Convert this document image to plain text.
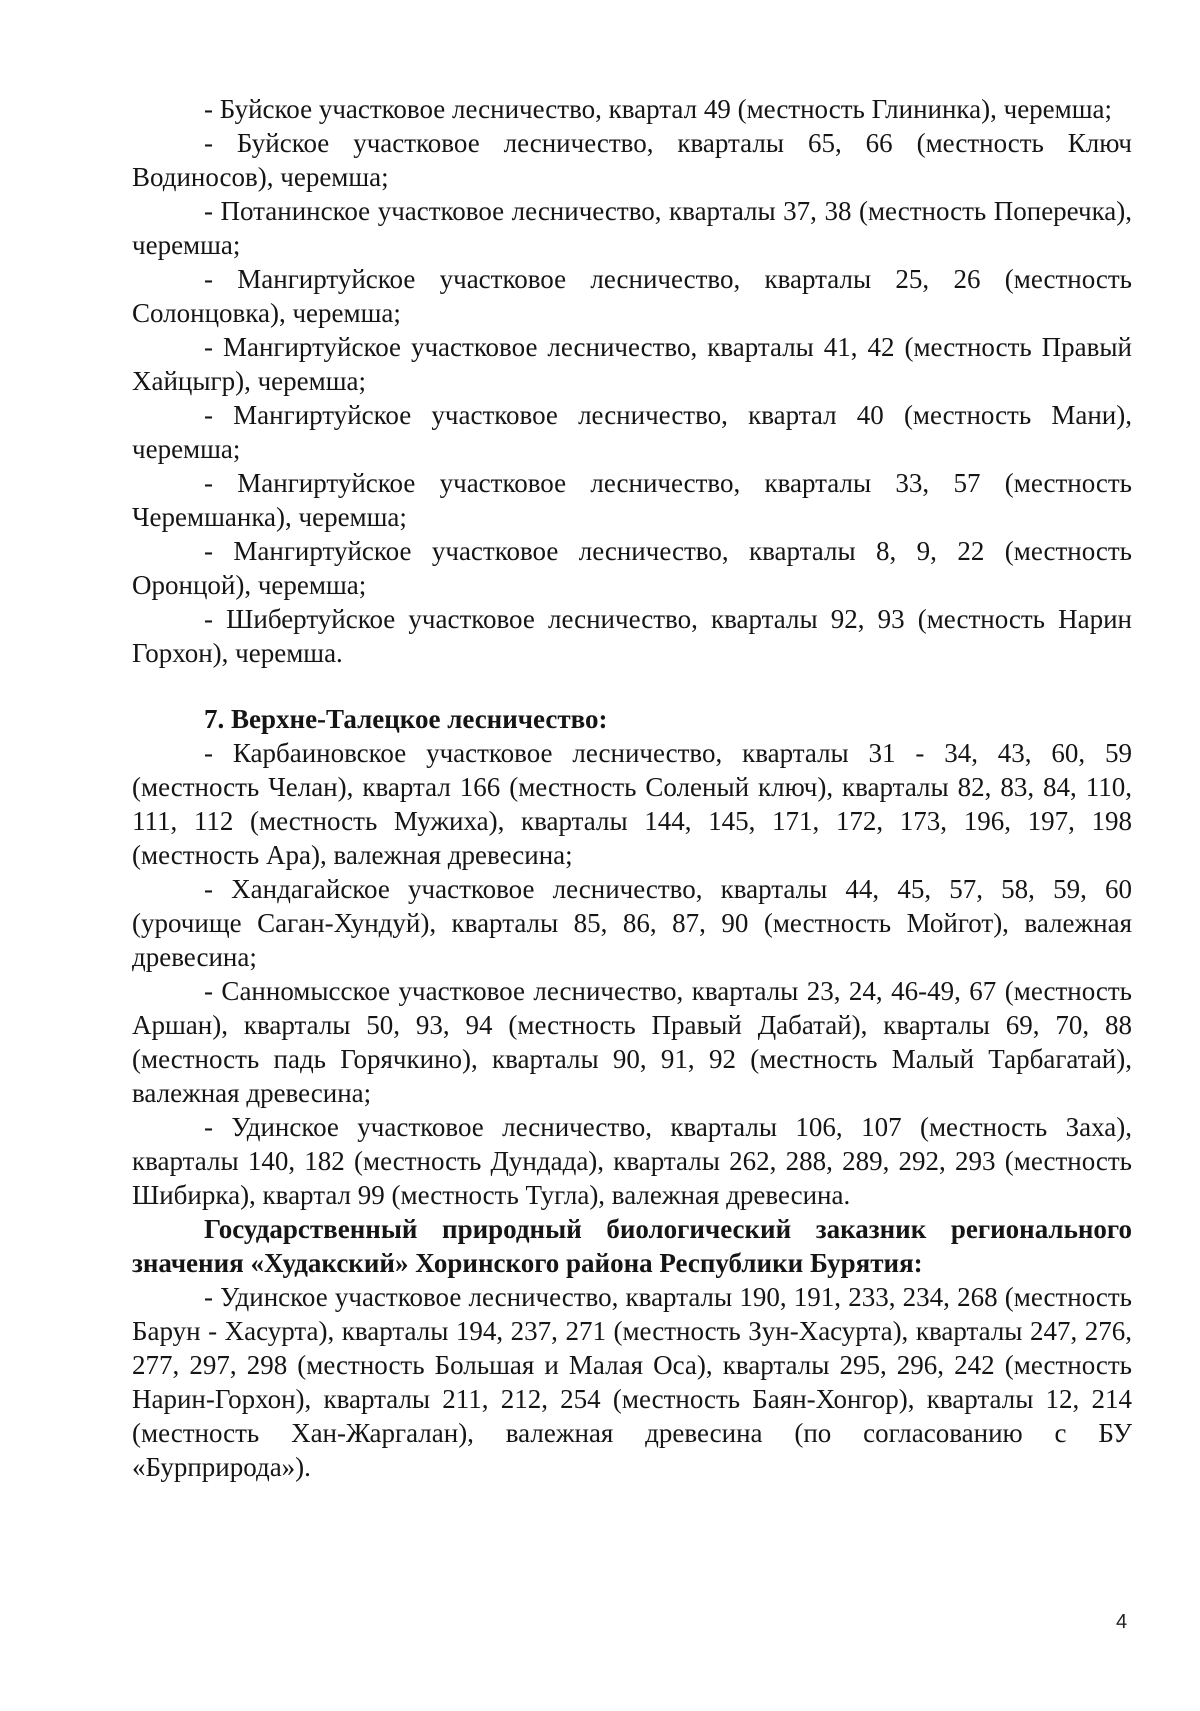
- Буйское участковое лесничество, квартал 49 (местность Глининка), черемша;

- Буйское участковое лесничество, кварталы 65, 66 (местность Ключ Водиносов), черемша;

- Потанинское участковое лесничество, кварталы 37, 38 (местность Поперечка), черемша;

- Мангиртуйское участковое лесничество, кварталы 25, 26 (местность Солонцовка), черемша;

- Мангиртуйское участковое лесничество, кварталы 41, 42 (местность Правый Хайцыгр), черемша;

- Мангиртуйское участковое лесничество, квартал 40 (местность Мани), черемша;

- Мангиртуйское участковое лесничество, кварталы 33, 57 (местность Черемшанка), черемша;

- Мангиртуйское участковое лесничество, кварталы 8, 9, 22 (местность Оронцой), черемша;

- Шибертуйское участковое лесничество, кварталы 92, 93 (местность Нарин Горхон), черемша.

7. Верхне-Талецкое лесничество:

- Карбаиновское участковое лесничество, кварталы 31 - 34, 43, 60, 59 (местность Челан), квартал 166 (местность Соленый ключ), кварталы 82, 83, 84, 110, 111, 112 (местность Мужиха), кварталы 144, 145, 171, 172, 173, 196, 197, 198 (местность Ара), валежная древесина;

- Хандагайское участковое лесничество, кварталы 44, 45, 57, 58, 59, 60 (урочище Саган-Хундуй), кварталы 85, 86, 87, 90 (местность Мойгот), валежная древесина;

- Санномысское участковое лесничество, кварталы 23, 24, 46-49, 67 (местность Аршан), кварталы 50, 93, 94 (местность Правый Дабатай), кварталы 69, 70, 88 (местность падь Горячкино), кварталы 90, 91, 92 (местность Малый Тарбагатай), валежная древесина;

- Удинское участковое лесничество, кварталы 106, 107 (местность Заха), кварталы 140, 182 (местность Дундада), кварталы 262, 288, 289, 292, 293 (местность Шибирка), квартал 99 (местность Тугла), валежная древесина.

Государственный природный биологический заказник регионального значения «Худакский» Хоринского района Республики Бурятия:

- Удинское участковое лесничество, кварталы 190, 191, 233, 234, 268 (местность Барун - Хасурта), кварталы 194, 237, 271 (местность Зун-Хасурта), кварталы 247, 276, 277, 297, 298 (местность Большая и Малая Оса), кварталы 295, 296, 242 (местность Нарин-Горхон), кварталы 211, 212, 254 (местность Баян-Хонгор), кварталы 12, 214 (местность Хан-Жаргалан), валежная древесина (по согласованию с БУ «Бурприрода»).

4
